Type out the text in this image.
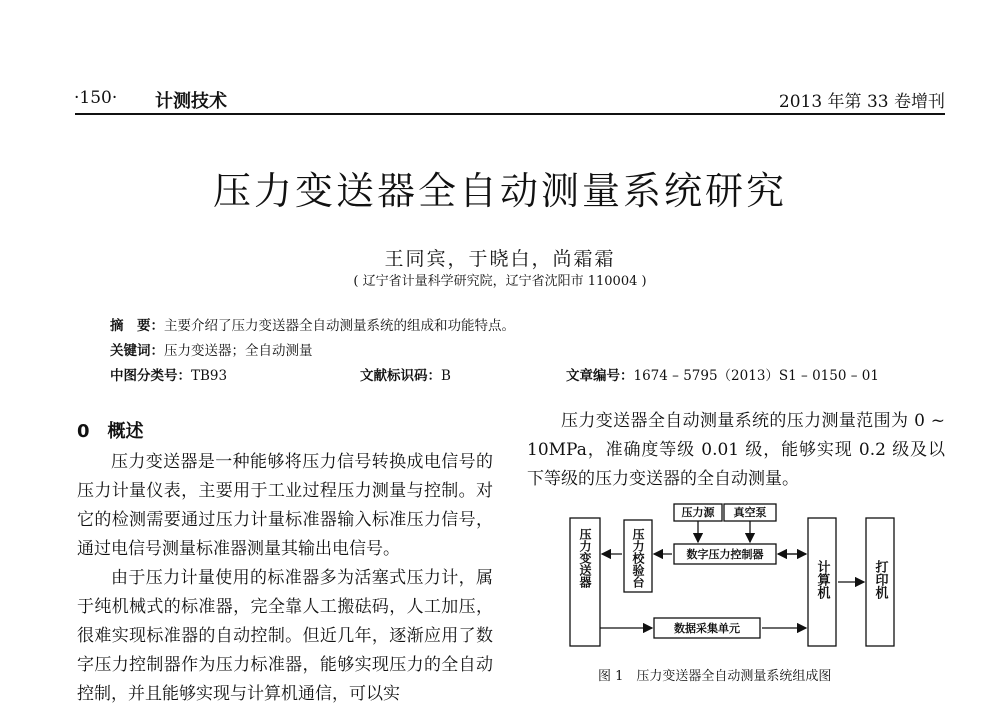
·150· 计测技术	2013 年第 33 卷增刊
压力变送器全自动测量系统研究
王同宾，于晓白，尚霜霜
( 辽宁省计量科学研究院，辽宁省沈阳市 110004 )
摘　要：主要介绍了压力变送器全自动测量系统的组成和功能特点。
关键词：压力变送器；全自动测量
中图分类号：TB93	文献标识码：B	文章编号：1674 – 5795（2013）S1 – 0150 – 01
0　概述

压力变送器是一种能够将压力信号转换成电信号的压力计量仪表，主要用于工业过程压力测量与控制。对它的检测需要通过压力计量标准器输入标准压力信号，通过电信号测量标准器测量其输出电信号。

由于压力计量使用的标准器多为活塞式压力计，属于纯机械式的标准器，完全靠人工搬砝码，人工加压，很难实现标准器的自动控制。但近几年，逐渐应用了数字压力控制器作为压力标准器，能够实现压力的全自动控制，并且能够实现与计算机通信，可以实

压力变送器全自动测量系统的压力测量范围为 0 ~ 10MPa，准确度等级 0.01 级，能够实现 0.2 级及以下等级的压力变送器的全自动测量。

压力源 真空泵
数字压力控制器
数据采集单元
压力变送器	压力校验台	计算机	打印机
图 1　压力变送器全自动测量系统组成图
